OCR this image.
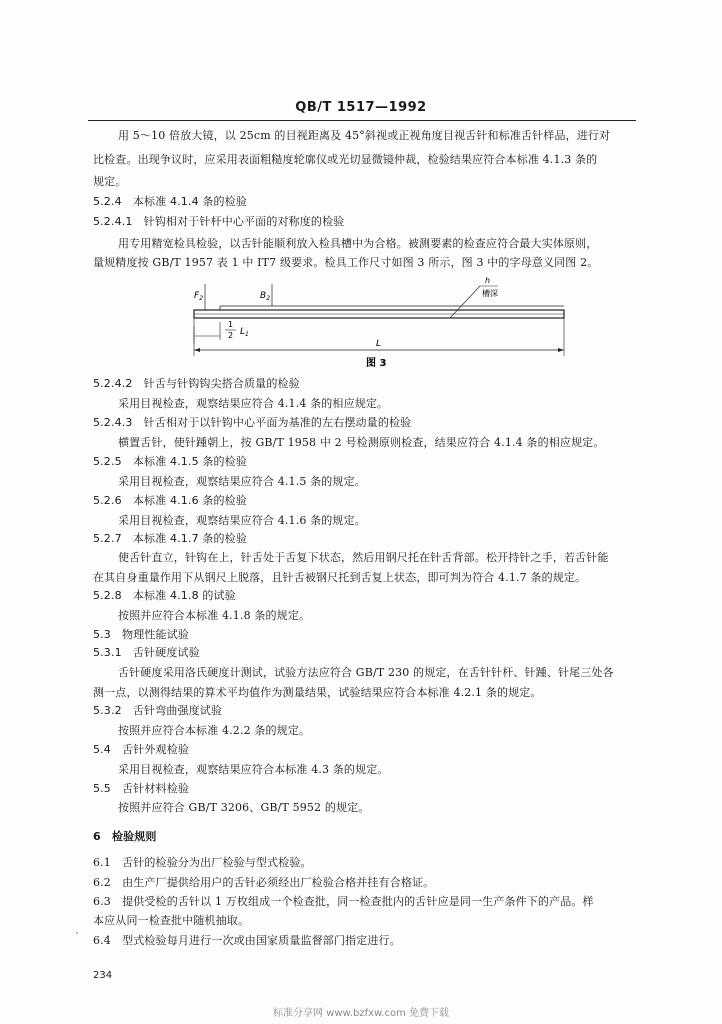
QB/T 1517—1992
用 5～10 倍放大镜，以 25cm 的目视距离及 45°斜视或正视角度目视舌针和标准舌针样品，进行对
比检查。出现争议时，应采用表面粗糙度轮廓仪或光切显微镜仲裁，检验结果应符合本标准 4.1.3 条的
规定。
5.2.4　本标准 4.1.4 条的检验
5.2.4.1　针钩相对于针杆中心平面的对称度的检验
用专用精宽检具检验，以舌针能顺利放入检具槽中为合格。被测要素的检查应符合最大实体原则，
量规精度按 GB/T 1957 表 1 中 IT7 级要求。检具工作尺寸如图 3 所示，图 3 中的字母意义同图 2。
$F_2$	$B_2$
1
2 $L_1$
L
h
槽深
图 3
5.2.4.2　针舌与针钩钩尖搭合质量的检验
采用目视检查，观察结果应符合 4.1.4 条的相应规定。
5.2.4.3　针舌相对于以针钩中心平面为基准的左右摆动量的检验
横置舌针，使针踵朝上，按 GB/T 1958 中 2 号检测原则检查，结果应符合 4.1.4 条的相应规定。
5.2.5　本标准 4.1.5 条的检验
采用目视检查，观察结果应符合 4.1.5 条的规定。
5.2.6　本标准 4.1.6 条的检验
采用目视检查，观察结果应符合 4.1.6 条的规定。
5.2.7　本标准 4.1.7 条的检验
使舌针直立，针钩在上，针舌处于舌复下状态，然后用钢尺托在针舌背部。松开持针之手，若舌针能
在其自身重量作用下从钢尺上脱落，且针舌被钢尺托到舌复上状态，即可判为符合 4.1.7 条的规定。
5.2.8　本标准 4.1.8 的试验
按照并应符合本标准 4.1.8 条的规定。
5.3　物理性能试验
5.3.1　舌针硬度试验
舌针硬度采用洛氏硬度计测试，试验方法应符合 GB/T 230 的规定，在舌针针杆、针踵、针尾三处各
测一点，以测得结果的算术平均值作为测量结果，试验结果应符合本标准 4.2.1 条的规定。
5.3.2　舌针弯曲强度试验
按照并应符合本标准 4.2.2 条的规定。
5.4　舌针外观检验
采用目视检查，观察结果应符合本标准 4.3 条的规定。
5.5　舌针材料检验
按照并应符合 GB/T 3206、GB/T 5952 的规定。
6　检验规则
6.1　舌针的检验分为出厂检验与型式检验。
6.2　由生产厂提供给用户的舌针必须经出厂检验合格并挂有合格证。
6.3　提供受检的舌针以 1 万枚组成一个检查批，同一检查批内的舌针应是同一生产条件下的产品。样
本应从同一检查批中随机抽取。
′ 6.4　型式检验每月进行一次或由国家质量监督部门指定进行。
234
标准分享网 www.bzfxw.com 免费下载
